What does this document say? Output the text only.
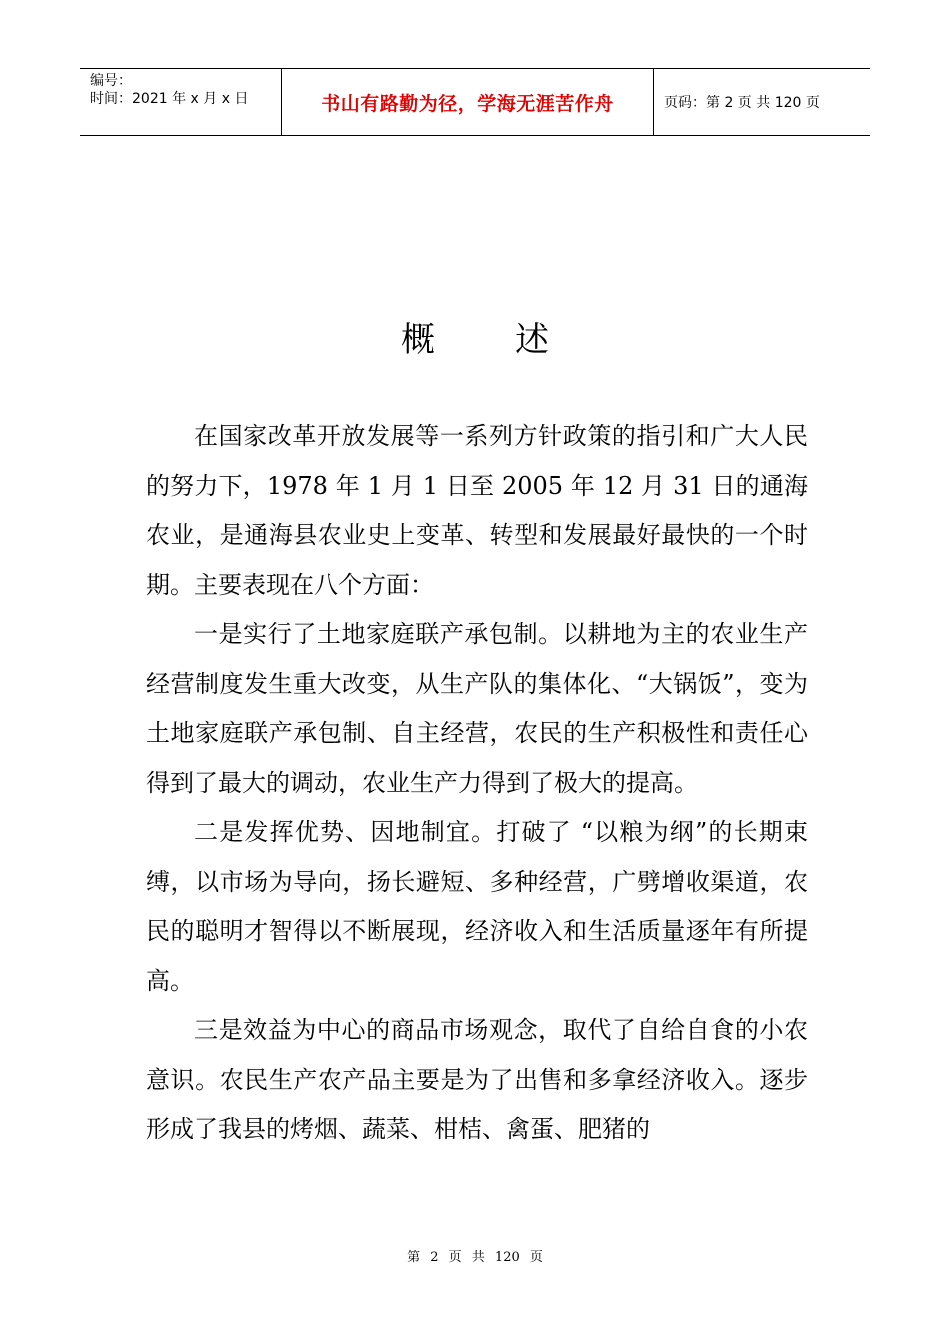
编号：
时间：2021 年 x 月 x 日	书山有路勤为径，学海无涯苦作舟	页码：第 2 页 共 120 页
概述

在国家改革开放发展等一系列方针政策的指引和广大人民的努力下，1978 年 1 月 1 日至 2005 年 12 月 31 日的通海农业，是通海县农业史上变革、转型和发展最好最快的一个时期。主要表现在八个方面：

一是实行了土地家庭联产承包制。以耕地为主的农业生产经营制度发生重大改变，从生产队的集体化、“大锅饭”，变为土地家庭联产承包制、自主经营，农民的生产积极性和责任心得到了最大的调动，农业生产力得到了极大的提高。

二是发挥优势、因地制宜。打破了 “以粮为纲”的长期束缚，以市场为导向，扬长避短、多种经营，广劈增收渠道，农民的聪明才智得以不断展现，经济收入和生活质量逐年有所提高。

三是效益为中心的商品市场观念，取代了自给自食的小农意识。农民生产农产品主要是为了出售和多拿经济收入。逐步形成了我县的烤烟、蔬菜、柑桔、禽蛋、肥猪的

第 2 页 共 120 页
